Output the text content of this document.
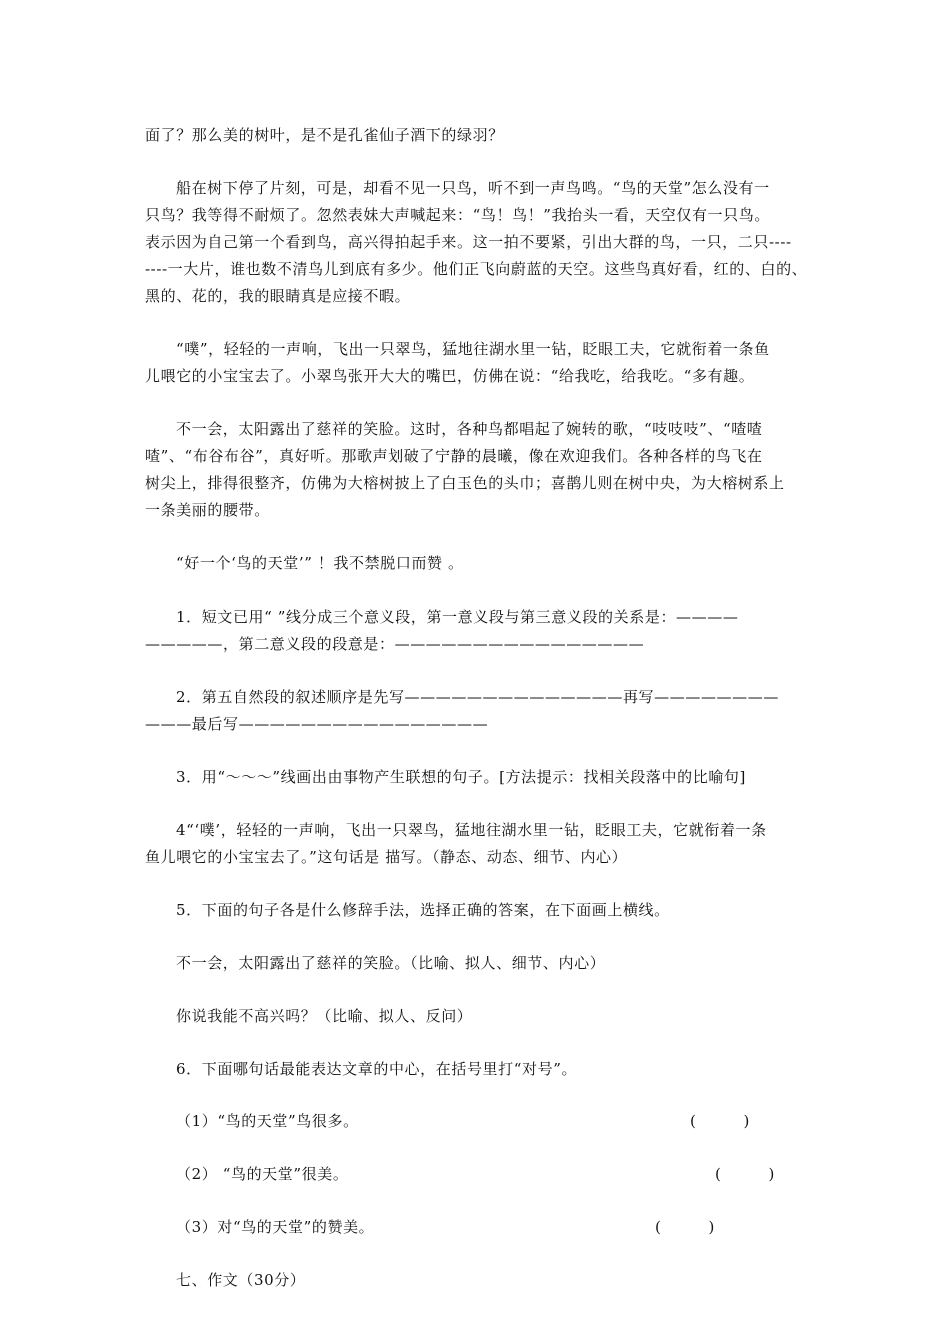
面了？那么美的树叶，是不是孔雀仙子酒下的绿羽？
船在树下停了片刻，可是，却看不见一只鸟，听不到一声鸟鸣。“鸟的天堂”怎么没有一
只鸟？我等得不耐烦了。忽然表妹大声喊起来：“鸟！鸟！”我抬头一看，天空仅有一只鸟。
表示因为自己第一个看到鸟，高兴得拍起手来。这一拍不要紧，引出大群的鸟，一只，二只----
----一大片，谁也数不清鸟儿到底有多少。他们正飞向蔚蓝的天空。这些鸟真好看，红的、白的、
黑的、花的，我的眼睛真是应接不暇。
“噗”，轻轻的一声响，飞出一只翠鸟，猛地往湖水里一钻，眨眼工夫，它就衔着一条鱼
儿喂它的小宝宝去了。小翠鸟张开大大的嘴巴，仿佛在说：“给我吃，给我吃。“多有趣。
不一会，太阳露出了慈祥的笑脸。这时，各种鸟都唱起了婉转的歌，“吱吱吱”、“喳喳
喳”、“布谷布谷”，真好听。那歌声划破了宁静的晨曦，像在欢迎我们。各种各样的鸟飞在
树尖上，排得很整齐，仿佛为大榕树披上了白玉色的头巾；喜鹊儿则在树中央，为大榕树系上
一条美丽的腰带。
“好一个‘鸟的天堂’” ！我不禁脱口而赞 。
1．短文已用“ ”线分成三个意义段，第一意义段与第三意义段的关系是：————
—————，第二意义段的段意是：————————————————
2．第五自然段的叙述顺序是先写——————————————再写————————
———最后写————————————————
3．用“～～～”线画出由事物产生联想的句子。[方法提示：找相关段落中的比喻句]
4“‘噗’，轻轻的一声响，飞出一只翠鸟，猛地往湖水里一钻，眨眼工夫，它就衔着一条
鱼儿喂它的小宝宝去了。”这句话是 描写。（静态、动态、细节、内心）
5．下面的句子各是什么修辞手法，选择正确的答案，在下面画上横线。
不一会，太阳露出了慈祥的笑脸。（比喻、拟人、细节、内心）
你说我能不高兴吗？（比喻、拟人、反问）
6．下面哪句话最能表达文章的中心，在括号里打“对号”。
（1）“鸟的天堂”鸟很多。	(          )
（2） “鸟的天堂”很美。	(          )
（3）对“鸟的天堂”的赞美。	(          )
七、作文（30分）
